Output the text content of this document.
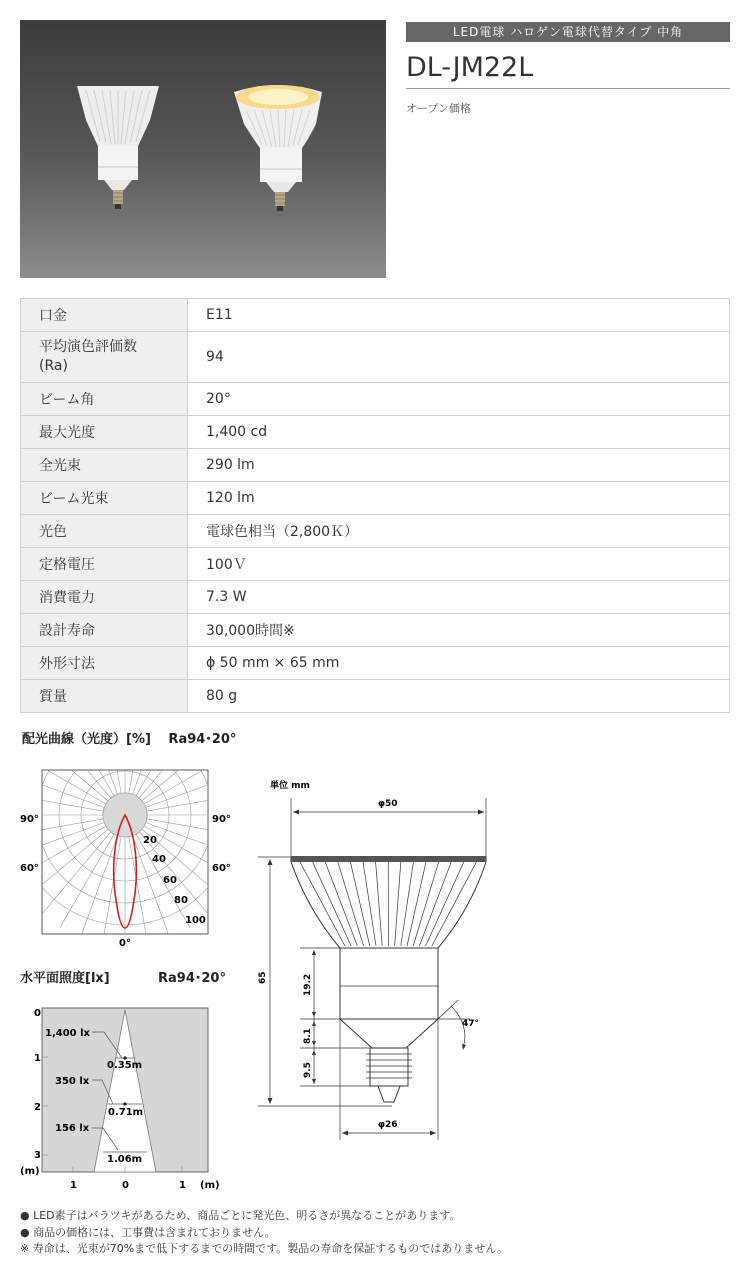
LED電球 ハロゲン電球代替タイプ 中角
DL-JM22L
オープン価格
口金	E11
平均演色評価数
(Ra)	94
ビーム角	20°
最大光度	1,400 cd
全光束	290 lm
ビーム光束	120 lm
光色	電球色相当（2,800Ｋ）
定格電圧	100Ｖ
消費電力	7.3 W
設計寿命	30,000時間※
外形寸法	ϕ 50 mm × 65 mm
質量	80 g
配光曲線（光度）[%]　 Ra94･20°
水平面照度[lx]	Ra94･20°
90°	90°
60°	60°
0°
20
40
60
80
100
0
1
2
3
(m)
1	0	1 (m)
1,400 lx
0.35m
350 lx
0.71m
156 lx
1.06m
単位 mm
φ50
65	19.2
8.1
9.5
47°
φ26
● LED素子はバラツキがあるため、商品ごとに発光色、明るさが異なることがあります。
● 商品の価格には、工事費は含まれておりません。
※ 寿命は、光束が70%まで低下するまでの時間です。製品の寿命を保証するものではありません。
